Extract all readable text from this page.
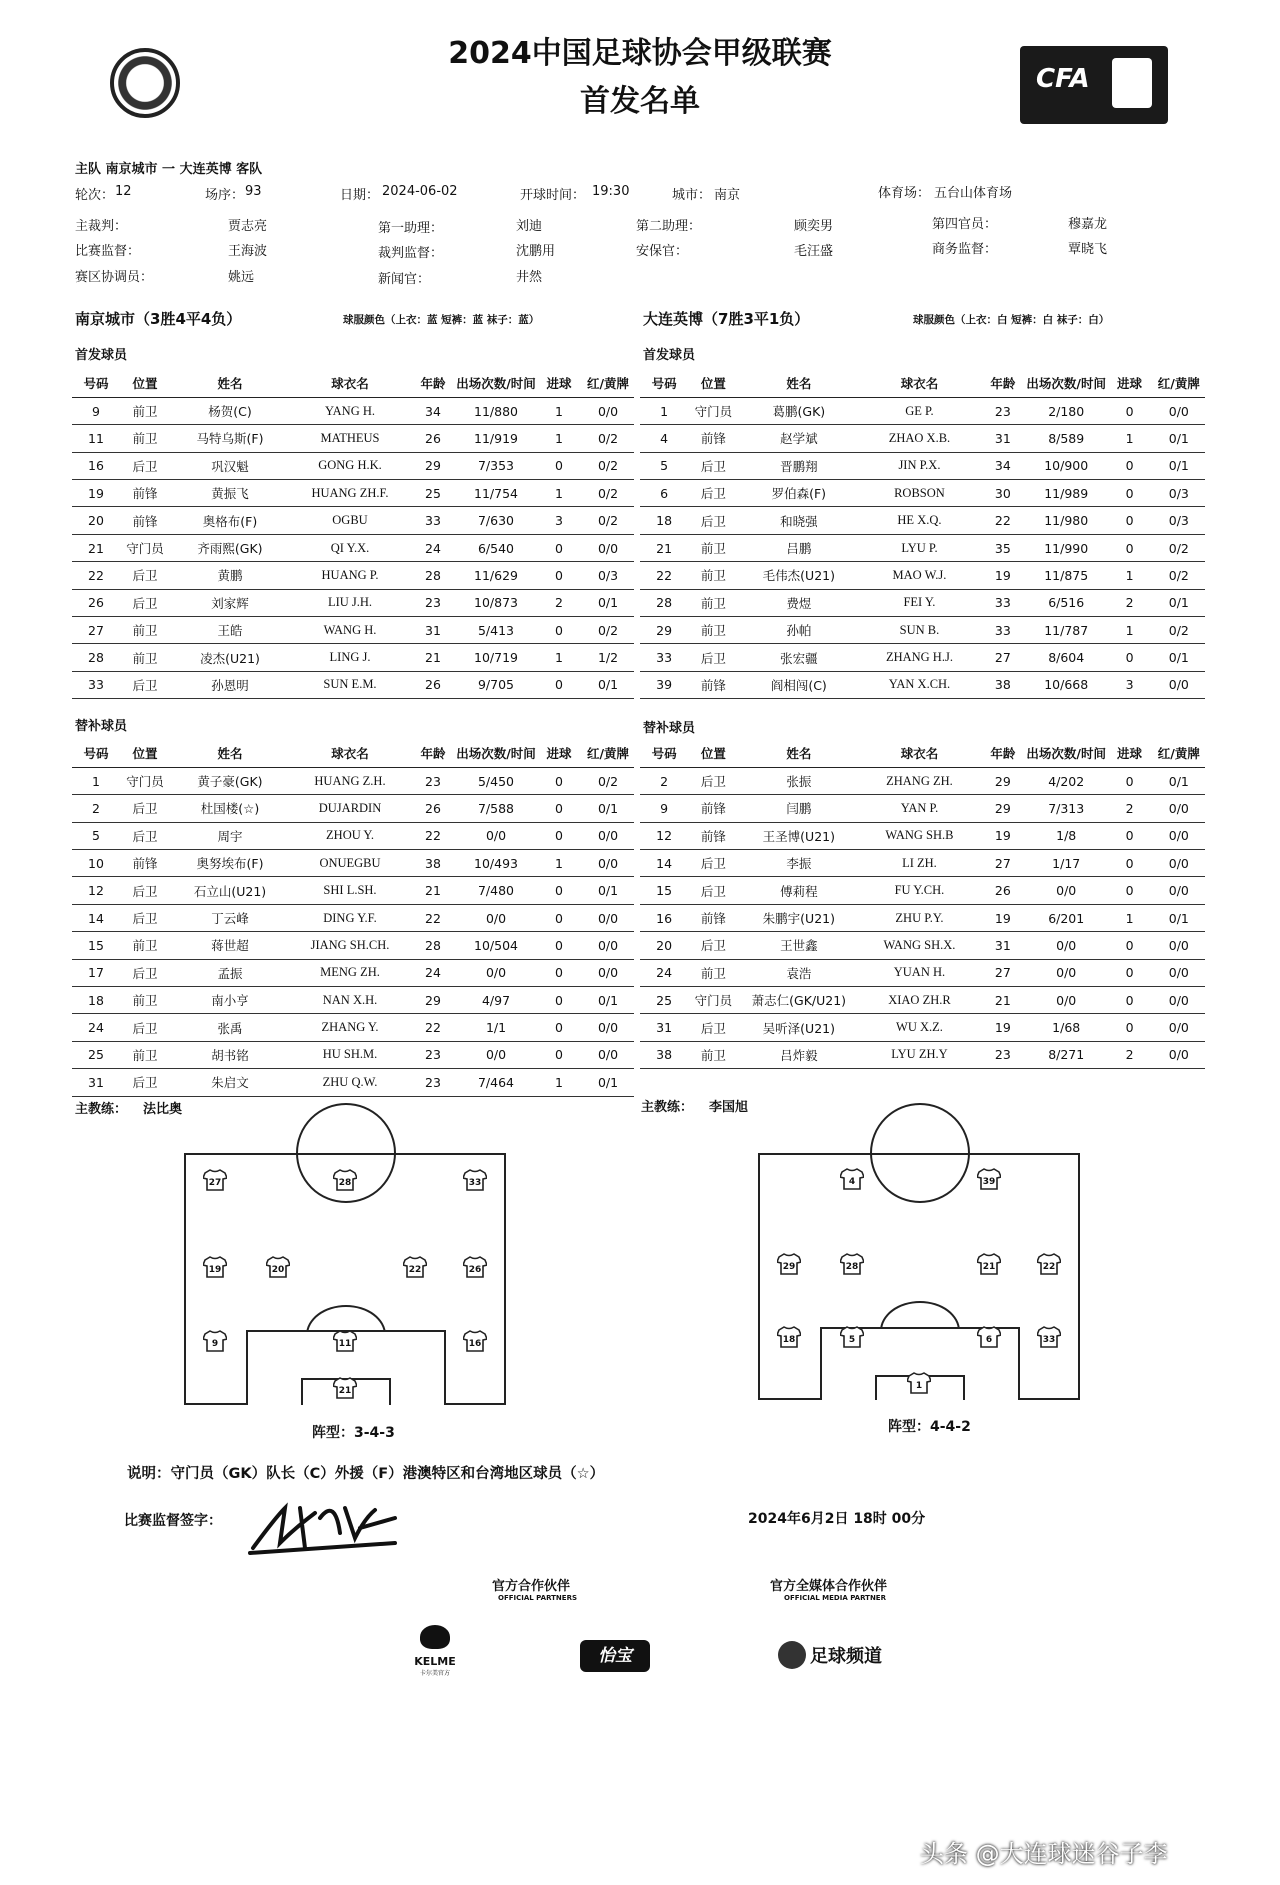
2024中国足球协会甲级联赛
首发名单
CFA
主队 南京城市 一 大连英博 客队
轮次： 12	场序： 93	日期： 2024-06-02	开球时间： 19:30	城市： 南京	体育场： 五台山体育场
主裁判：	贾志亮	第一助理：	刘迪	第二助理：	顾奕男	第四官员：	穆嘉龙
比赛监督：	王海波	裁判监督：	沈鹏用	安保官：	毛汪盛	商务监督：	覃晓飞
赛区协调员：	姚远	新闻官：	井然
南京城市（3胜4平4负）	球服颜色（上衣：蓝 短裤：蓝 袜子：蓝）	大连英博（7胜3平1负）	球服颜色（上衣：白 短裤：白 袜子：白）
首发球员	首发球员
号码	位置	姓名	球衣名	年龄	出场次数/时间	进球	红/黄牌
9	前卫	杨贺(C)	YANG H.	34	11/880	1	0/0
11	前卫	马特乌斯(F)	MATHEUS	26	11/919	1	0/2
16	后卫	巩汉魁	GONG H.K.	29	7/353	0	0/2
19	前锋	黄振飞	HUANG ZH.F.	25	11/754	1	0/2
20	前锋	奥格布(F)	OGBU	33	7/630	3	0/2
21	守门员	齐雨熙(GK)	QI Y.X.	24	6/540	0	0/0
22	后卫	黄鹏	HUANG P.	28	11/629	0	0/3
26	后卫	刘家辉	LIU J.H.	23	10/873	2	0/1
27	前卫	王皓	WANG H.	31	5/413	0	0/2
28	前卫	凌杰(U21)	LING J.	21	10/719	1	1/2
33	后卫	孙恩明	SUN E.M.	26	9/705	0	0/1
号码	位置	姓名	球衣名	年龄	出场次数/时间	进球	红/黄牌
1	守门员	葛鹏(GK)	GE P.	23	2/180	0	0/0
4	前锋	赵学斌	ZHAO X.B.	31	8/589	1	0/1
5	后卫	晋鹏翔	JIN P.X.	34	10/900	0	0/1
6	后卫	罗伯森(F)	ROBSON	30	11/989	0	0/3
18	后卫	和晓强	HE X.Q.	22	11/980	0	0/3
21	前卫	吕鹏	LYU P.	35	11/990	0	0/2
22	前卫	毛伟杰(U21)	MAO W.J.	19	11/875	1	0/2
28	前卫	费煜	FEI Y.	33	6/516	2	0/1
29	前卫	孙帕	SUN B.	33	11/787	1	0/2
33	后卫	张宏疆	ZHANG H.J.	27	8/604	0	0/1
39	前锋	阎相闯(C)	YAN X.CH.	38	10/668	3	0/0
替补球员	替补球员
号码	位置	姓名	球衣名	年龄	出场次数/时间	进球	红/黄牌
1	守门员	黄子豪(GK)	HUANG Z.H.	23	5/450	0	0/2
2	后卫	杜国楼(☆)	DUJARDIN	26	7/588	0	0/1
5	后卫	周宇	ZHOU Y.	22	0/0	0	0/0
10	前锋	奥努埃布(F)	ONUEGBU	38	10/493	1	0/0
12	后卫	石立山(U21)	SHI L.SH.	21	7/480	0	0/1
14	后卫	丁云峰	DING Y.F.	22	0/0	0	0/0
15	前卫	蒋世超	JIANG SH.CH.	28	10/504	0	0/0
17	后卫	孟振	MENG ZH.	24	0/0	0	0/0
18	前卫	南小亨	NAN X.H.	29	4/97	0	0/1
24	后卫	张禹	ZHANG Y.	22	1/1	0	0/0
25	前卫	胡书铭	HU SH.M.	23	0/0	0	0/0
31	后卫	朱启文	ZHU Q.W.	23	7/464	1	0/1
号码	位置	姓名	球衣名	年龄	出场次数/时间	进球	红/黄牌
2	后卫	张振	ZHANG ZH.	29	4/202	0	0/1
9	前锋	闫鹏	YAN P.	29	7/313	2	0/0
12	前锋	王圣博(U21)	WANG SH.B	19	1/8	0	0/0
14	后卫	李振	LI ZH.	27	1/17	0	0/0
15	后卫	傅莉程	FU Y.CH.	26	0/0	0	0/0
16	前锋	朱鹏宇(U21)	ZHU P.Y.	19	6/201	1	0/1
20	后卫	王世鑫	WANG SH.X.	31	0/0	0	0/0
24	前卫	袁浩	YUAN H.	27	0/0	0	0/0
25	守门员	萧志仁(GK/U21)	XIAO ZH.R	21	0/0	0	0/0
31	后卫	吴听泽(U21)	WU X.Z.	19	1/68	0	0/0
38	前卫	吕炸毅	LYU ZH.Y	23	8/271	2	0/0
主教练： 法比奥	主教练： 李国旭
27	28	33
19	20	22	26
9	11	16
21
4	39
29	28	21	22
18	5	6	33
1
阵型：3-4-3	阵型：4-4-2
说明：守门员（GK）队长（C）外援（F）港澳特区和台湾地区球员（☆）
比赛监督签字：	2024年6月2日 18时 00分
官方合作伙伴
OFFICIAL PARTNERS
官方全媒体合作伙伴
OFFICIAL MEDIA PARTNER
KELME
卡尔美官方
怡宝	足球频道
头条 @大连球迷谷子李
